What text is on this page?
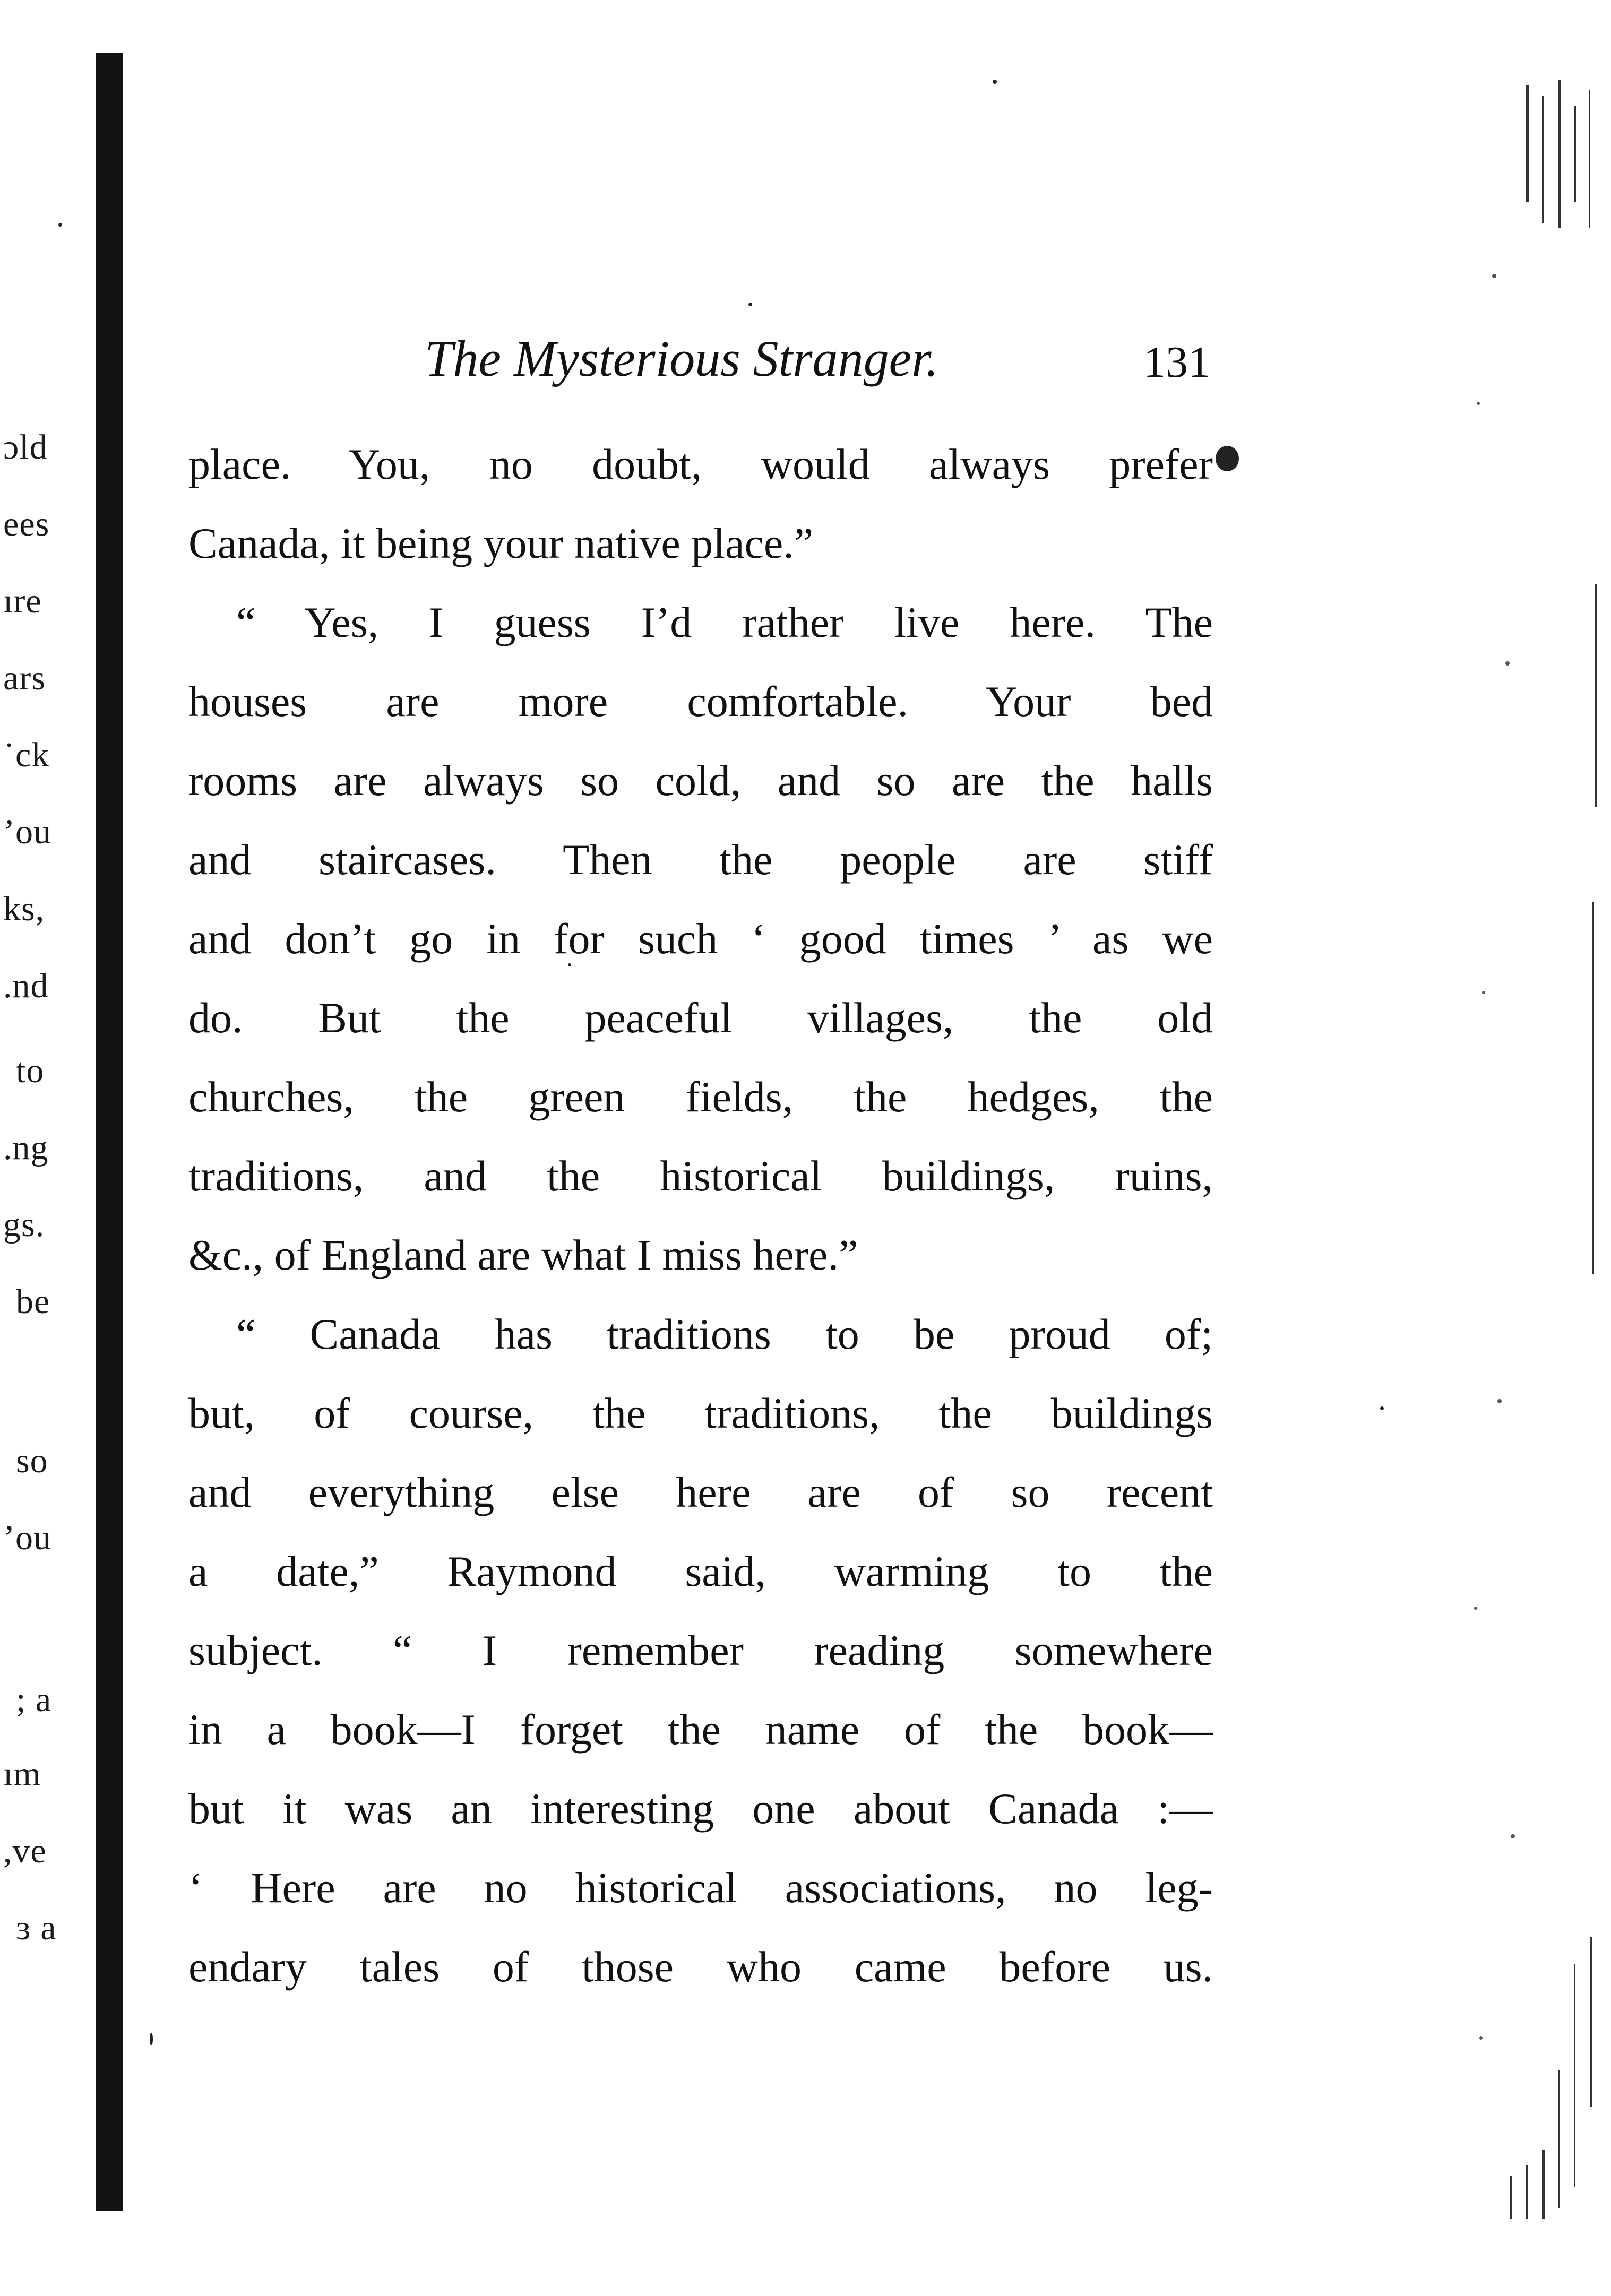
ɔld
ees
ıre
ars
˙ck
ʼou
ks,
.nd
to
.ng
gs.
be
so
ʼou
; a
ım
,ve
ɜ a
The Mysterious Stranger.	131
place. You, no doubt, would always prefer
Canada, it being your native place.”
“ Yes, I guess I’d rather live here. The
houses are more comfortable. Your bed
rooms are always so cold, and so are the halls
and staircases. Then the people are stiff
and don’t go in for such ‘ good times ’ as we
do. But the peaceful villages, the old
churches, the green fields, the hedges, the
traditions, and the historical buildings, ruins,
&c., of England are what I miss here.”
“ Canada has traditions to be proud of;
but, of course, the traditions, the buildings
and everything else here are of so recent
a date,” Raymond said, warming to the
subject. “ I remember reading somewhere
in a book—I forget the name of the book—
but it was an interesting one about Canada :—
‘ Here are no historical associations, no leg-
endary tales of those who came before us.
